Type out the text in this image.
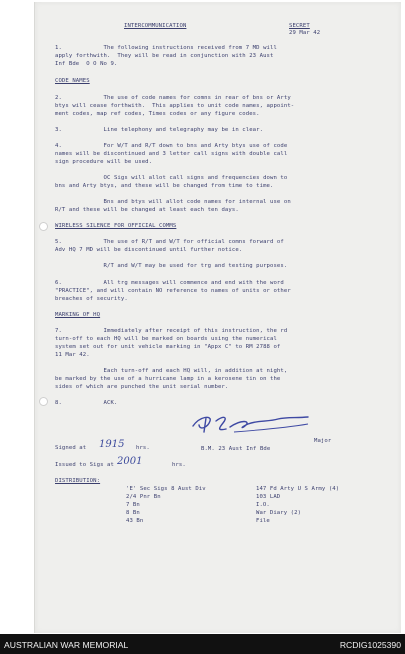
INTERCOMMUNICATION	SECRET
29 Mar 42
1.            The following instructions received from 7 MD will
apply forthwith.  They will be read in conjunction with 23 Aust
Inf Bde  O O No 9.
CODE NAMES
2.            The use of code names for comns in rear of bns or Arty
btys will cease forthwith.  This applies to unit code names, appoint-
ment codes, map ref codes, Times codes or any figure codes.
3.            Line telephony and telegraphy may be in clear.
4.            For W/T and R/T down to bns and Arty btys use of code
names will be discontinued and 3 letter call signs with double call
sign procedure will be used.
OC Sigs will allot call signs and frequencies down to
bns and Arty btys, and these will be changed from time to time.
Bns and btys will allot code names for internal use on
R/T and these will be changed at least each ten days.
WIRELESS SILENCE FOR OFFICIAL COMMS
5.            The use of R/T and W/T for official comns forward of
Adv HQ 7 MD will be discontinued until further notice.
R/T and W/T may be used for trg and testing purposes.
6.            All trg messages will commence and end with the word
"PRACTICE", and will contain NO reference to names of units or other
breaches of security.
MARKING OF HQ
7.            Immediately after receipt of this instruction, the rd
turn-off to each HQ will be marked on boards using the numerical
system set out for unit vehicle marking in "Appx C" to RM 2788 of
11 Mar 42.
Each turn-off and each HQ will, in addition at night,
be marked by the use of a hurricane lamp in a kerosene tin on the
sides of which are punched the unit serial number.
8.            ACK.
Major
B.M. 23 Aust Inf Bde
Signed at 1915 hrs.
Issued to Sigs at 2001	hrs.
DISTRIBUTION:
'E' Sec Sigs 8 Aust Div
2/4 Pnr Bn
7 Bn
8 Bn
43 Bn
147 Fd Arty U S Army (4)
103 LAD
I.O.
War Diary (2)
File
AUSTRALIAN WAR MEMORIAL	RCDIG1025390
